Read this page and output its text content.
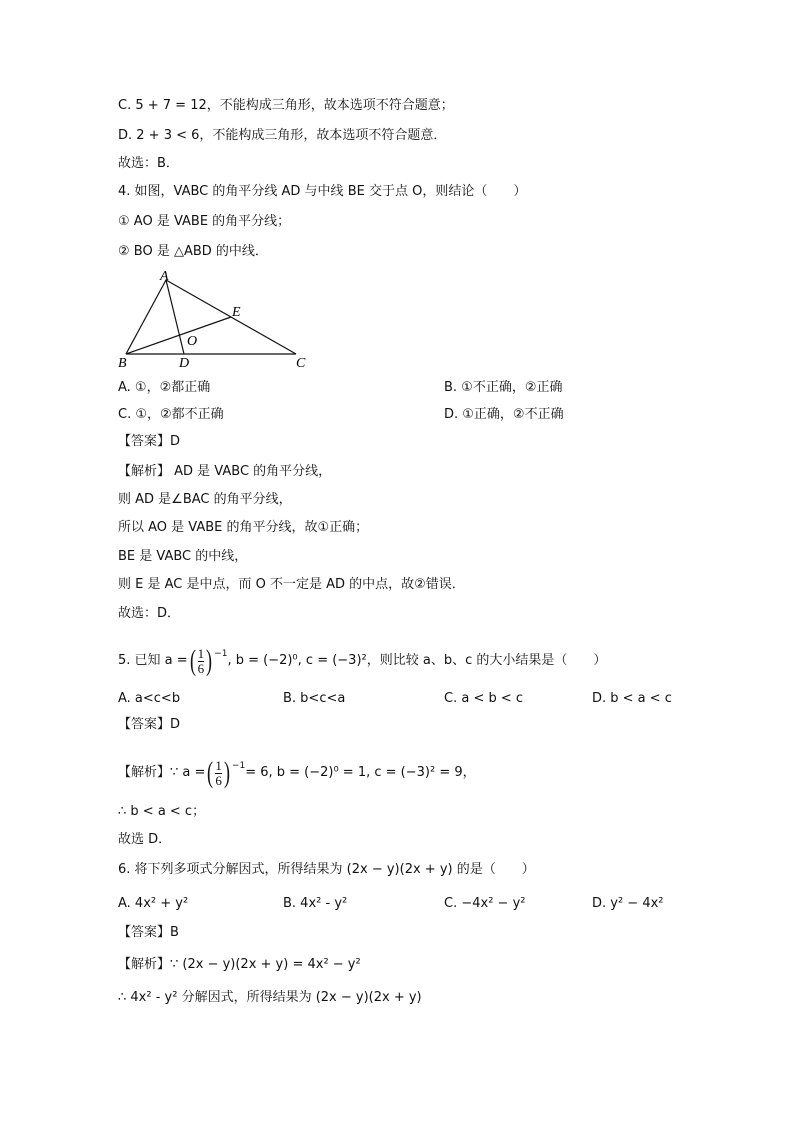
C. 5 + 7 = 12，不能构成三角形，故本选项不符合题意；
D. 2 + 3 < 6，不能构成三角形，故本选项不符合题意．
故选：B．
4. 如图，VABC 的角平分线 AD 与中线 BE 交于点 O，则结论（　　）
① AO 是 VABE 的角平分线；
② BO 是 △ABD 的中线．
A
B	C
D
E
O
A. ①，②都正确	B. ①不正确，②正确
C. ①，②都不正确	D. ①正确，②不正确
【答案】D
【解析】 AD 是 VABC 的角平分线，
则 AD 是∠BAC 的角平分线，
所以 AO 是 VABE 的角平分线，故①正确；
BE 是 VABC 的中线，
则 E 是 AC 是中点，而 O 不一定是 AD 的中点，故②错误．
故选：D．
5. 已知 a = ( $\frac{1}{6} )^{-1}$ , b = (−2)⁰, c = (−3)²，则比较 a、b、c 的大小结果是（　　）
A. a<c<b	B. b<c<a	C. a < b < c	D. b < a < c
【答案】D
【解析】∵ a = ( $\frac{1}{6} )^{-1} = 6$, b = (−2)⁰ = 1, c = (−3)² = 9，
∴ b < a < c；
故选 D．
6. 将下列多项式分解因式，所得结果为 (2x − y)(2x + y) 的是（　　）
A. 4x² + y²	B. 4x² - y²	C. −4x² − y²	D. y² − 4x²
【答案】B
【解析】∵ (2x − y)(2x + y) = 4x² − y²
∴ 4x² - y² 分解因式，所得结果为 (2x − y)(2x + y)
